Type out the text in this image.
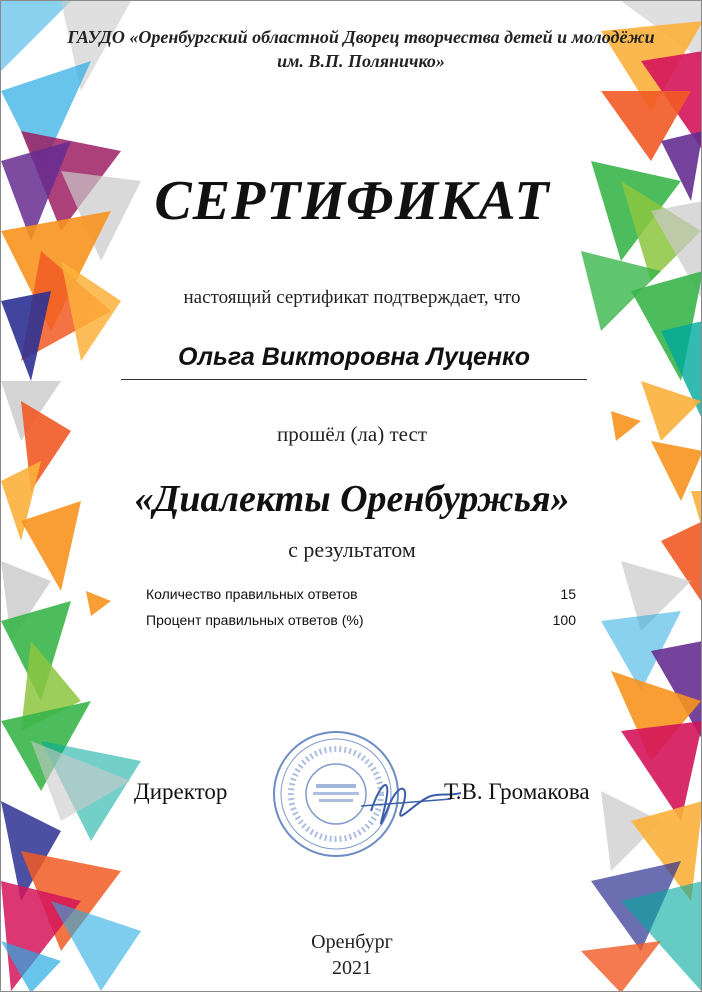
ГАУДО «Оренбургский областной Дворец творчества детей и молодёжи им. В.П. Поляничко»
СЕРТИФИКАТ
настоящий сертификат подтверждает, что
Ольга Викторовна Луценко
прошёл (ла) тест
«Диалекты Оренбуржья»
с результатом
Количество правильных ответов	15
Процент правильных ответов (%)	100
Директор	Т.В. Громакова
Оренбург
2021
